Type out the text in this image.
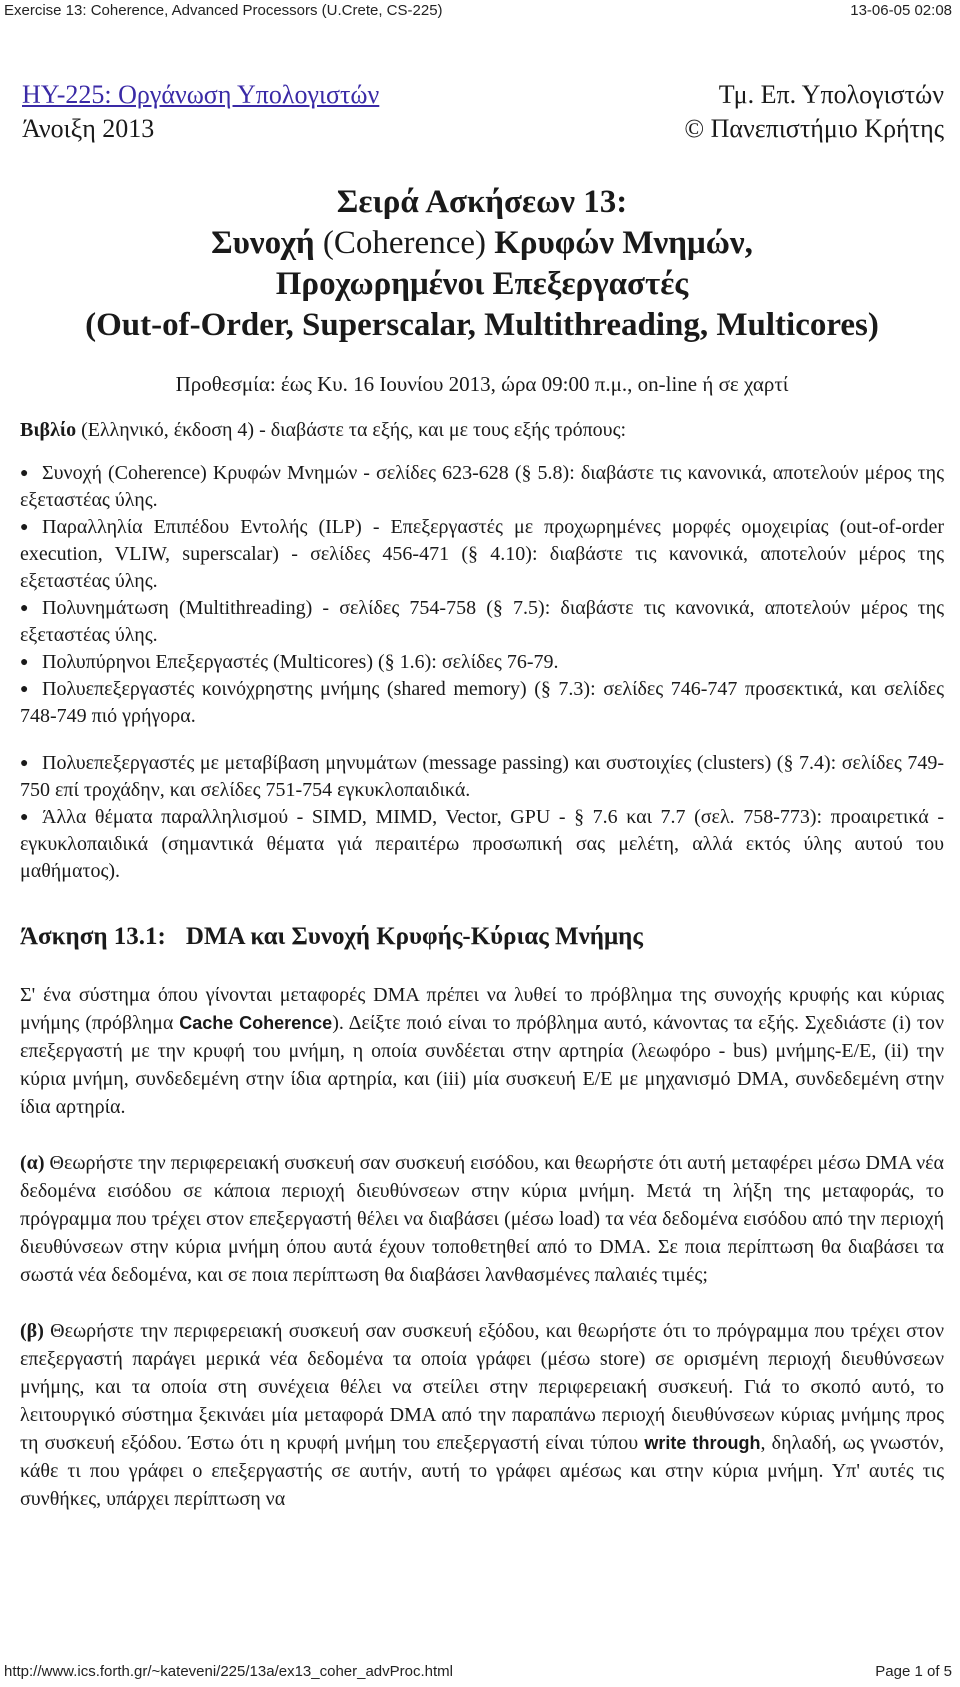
Exercise 13: Coherence, Advanced Processors (U.Crete, CS-225)	13-06-05 02:08
ΗΥ-225: Οργάνωση Υπολογιστών
Άνοιξη 2013
Τμ. Επ. Υπολογιστών
© Πανεπιστήμιο Κρήτης
Σειρά Ασκήσεων 13:
Συνοχή (Coherence) Κρυφών Μνημών,
Προχωρημένοι Επεξεργαστές
(Out-of-Order, Superscalar, Multithreading, Multicores)
Προθεσμία: έως Κυ. 16 Ιουνίου 2013, ώρα 09:00 π.μ., on-line ή σε χαρτί
Βιβλίο (Ελληνικό, έκδοση 4) - διαβάστε τα εξής, και με τους εξής τρόπους:
● Συνοχή (Coherence) Κρυφών Μνημών - σελίδες 623-628 (§ 5.8): διαβάστε τις κανονικά, αποτελούν μέρος της εξεταστέας ύλης.
● Παραλληλία Επιπέδου Εντολής (ILP) - Επεξεργαστές με προχωρημένες μορφές ομοχειρίας (out-of-order execution, VLIW, superscalar) - σελίδες 456-471 (§ 4.10): διαβάστε τις κανονικά, αποτελούν μέρος της εξεταστέας ύλης.
● Πολυνημάτωση (Multithreading) - σελίδες 754-758 (§ 7.5): διαβάστε τις κανονικά, αποτελούν μέρος της εξεταστέας ύλης.
● Πολυπύρηνοι Επεξεργαστές (Multicores) (§ 1.6): σελίδες 76-79.
● Πολυεπεξεργαστές κοινόχρηστης μνήμης (shared memory) (§ 7.3): σελίδες 746-747 προσεκτικά, και σελίδες 748-749 πιό γρήγορα.
● Πολυεπεξεργαστές με μεταβίβαση μηνυμάτων (message passing) και συστοιχίες (clusters) (§ 7.4): σελίδες 749-750 επί τροχάδην, και σελίδες 751-754 εγκυκλοπαιδικά.
● Άλλα θέματα παραλληλισμού - SIMD, MIMD, Vector, GPU - § 7.6 και 7.7 (σελ. 758-773): προαιρετικά - εγκυκλοπαιδικά (σημαντικά θέματα γιά περαιτέρω προσωπική σας μελέτη, αλλά εκτός ύλης αυτού του μαθήματος).
Άσκηση 13.1: DMA και Συνοχή Κρυφής-Κύριας Μνήμης

Σ' ένα σύστημα όπου γίνονται μεταφορές DMA πρέπει να λυθεί το πρόβλημα της συνοχής κρυφής και κύριας μνήμης (πρόβλημα Cache Coherence). Δείξτε ποιό είναι το πρόβλημα αυτό, κάνοντας τα εξής. Σχεδιάστε (i) τον επεξεργαστή με την κρυφή του μνήμη, η οποία συνδέεται στην αρτηρία (λεωφόρο - bus) μνήμης-Ε/Ε, (ii) την κύρια μνήμη, συνδεδεμένη στην ίδια αρτηρία, και (iii) μία συσκευή Ε/Ε με μηχανισμό DMA, συνδεδεμένη στην ίδια αρτηρία.

(α) Θεωρήστε την περιφερειακή συσκευή σαν συσκευή εισόδου, και θεωρήστε ότι αυτή μεταφέρει μέσω DMA νέα δεδομένα εισόδου σε κάποια περιοχή διευθύνσεων στην κύρια μνήμη. Μετά τη λήξη της μεταφοράς, το πρόγραμμα που τρέχει στον επεξεργαστή θέλει να διαβάσει (μέσω load) τα νέα δεδομένα εισόδου από την περιοχή διευθύνσεων στην κύρια μνήμη όπου αυτά έχουν τοποθετηθεί από το DMA. Σε ποια περίπτωση θα διαβάσει τα σωστά νέα δεδομένα, και σε ποια περίπτωση θα διαβάσει λανθασμένες παλαιές τιμές;

(β) Θεωρήστε την περιφερειακή συσκευή σαν συσκευή εξόδου, και θεωρήστε ότι το πρόγραμμα που τρέχει στον επεξεργαστή παράγει μερικά νέα δεδομένα τα οποία γράφει (μέσω store) σε ορισμένη περιοχή διευθύνσεων μνήμης, και τα οποία στη συνέχεια θέλει να στείλει στην περιφερειακή συσκευή. Γιά το σκοπό αυτό, το λειτουργικό σύστημα ξεκινάει μία μεταφορά DMA από την παραπάνω περιοχή διευθύνσεων κύριας μνήμης προς τη συσκευή εξόδου. Έστω ότι η κρυφή μνήμη του επεξεργαστή είναι τύπου write through, δηλαδή, ως γνωστόν, κάθε τι που γράφει ο επεξεργαστής σε αυτήν, αυτή το γράφει αμέσως και στην κύρια μνήμη. Υπ' αυτές τις συνθήκες, υπάρχει περίπτωση να

http://www.ics.forth.gr/~kateveni/225/13a/ex13_coher_advProc.html	Page 1 of 5
